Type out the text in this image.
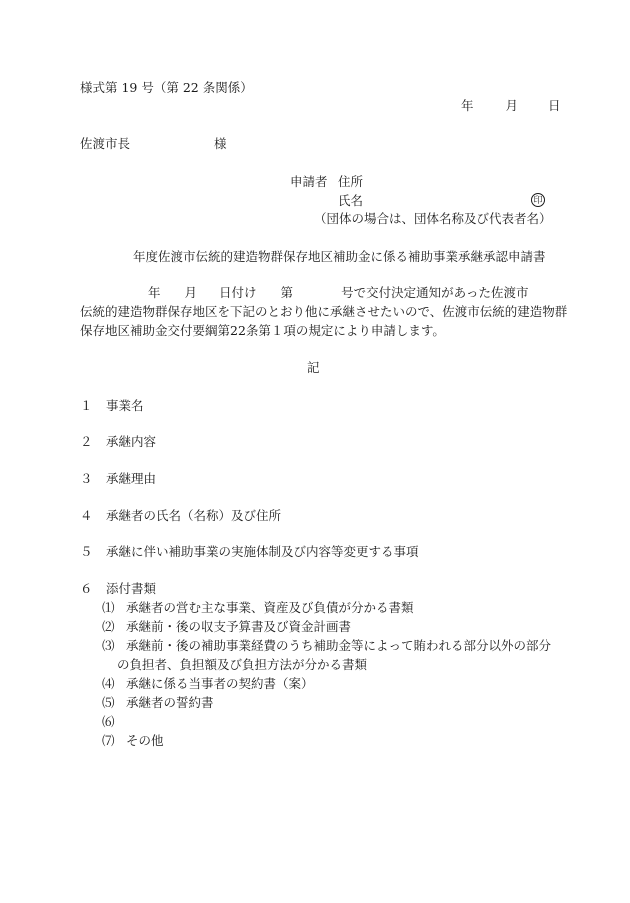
様式第 19 号（第 22 条関係）
年	月 日
佐渡市長	様
申請者 住所
氏名	印
（団体の場合は、団体名称及び代表者名）
年度佐渡市伝統的建造物群保存地区補助金に係る補助事業承継承認申請書
年 月 日付け 第	号で交付決定通知があった佐渡市
伝統的建造物群保存地区を下記のとおり他に承継させたいので、佐渡市伝統的建造物群
保存地区補助金交付要綱第22条第１項の規定により申請します。
記
１ 事業名
２ 承継内容
３ 承継理由
４ 承継者の氏名（名称）及び住所
５ 承継に伴い補助事業の実施体制及び内容等変更する事項
６ 添付書類
⑴ 承継者の営む主な事業、資産及び負債が分かる書類
⑵ 承継前・後の収支予算書及び資金計画書
⑶ 承継前・後の補助事業経費のうち補助金等によって賄われる部分以外の部分
の負担者、負担額及び負担方法が分かる書類
⑷ 承継に係る当事者の契約書（案）
⑸ 承継者の誓約書
⑹
⑺ その他
